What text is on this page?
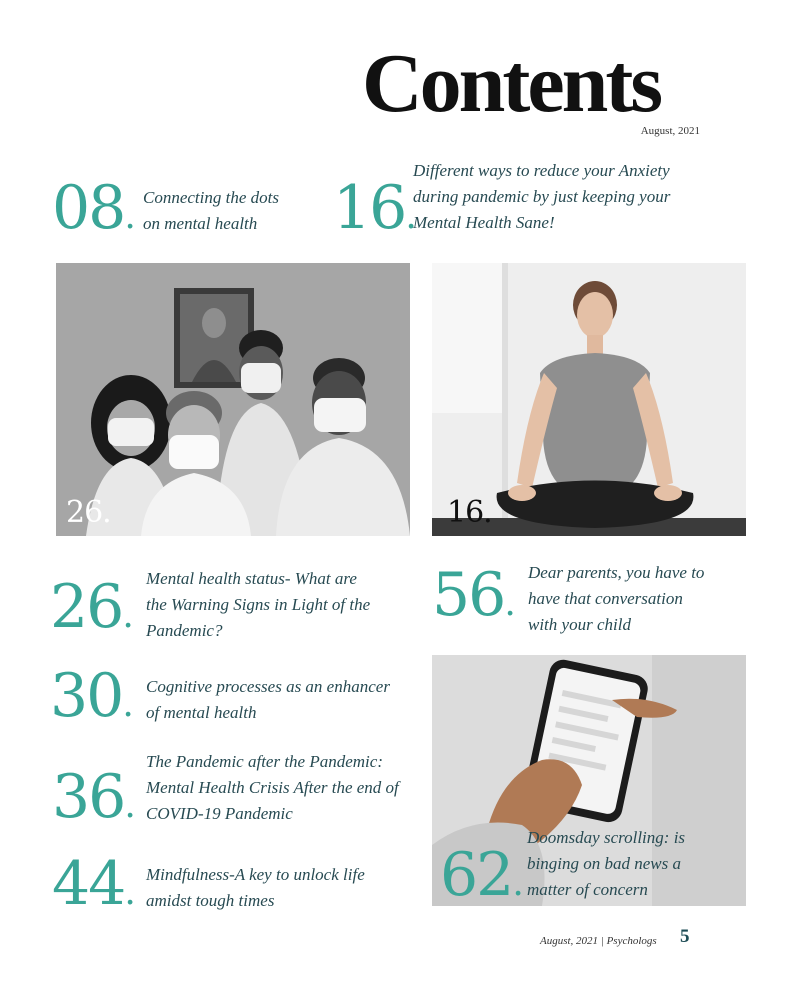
Contents
August, 2021
08. Connecting the dots
on mental health	16.
Different ways to reduce your Anxiety
during pandemic by just keeping your
Mental Health Sane!
26.	16.
26.
Mental health status- What are
the Warning Signs in Light of the
Pandemic?
56.
Dear parents, you have to
have that conversation
with your child
30. Cognitive processes as an enhancer
of mental health
62.
Doomsday scrolling: is
binging on bad news a
matter of concern
36.
The Pandemic after the Pandemic:
Mental Health Crisis After the end of
COVID-19 Pandemic
44. Mindfulness-A key to unlock life
amidst tough times
August, 2021 | Psychologs 5
